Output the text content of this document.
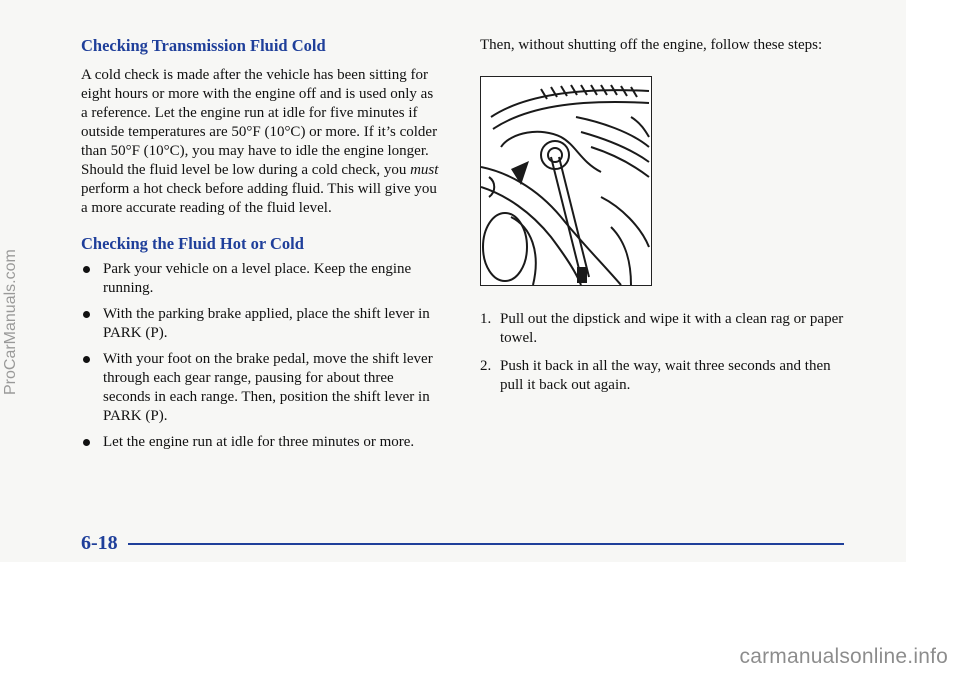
Checking Transmission Fluid Cold

A cold check is made after the vehicle has been sitting for eight hours or more with the engine off and is used only as a reference. Let the engine run at idle for five minutes if outside temperatures are 50°F (10°C) or more. If it’s colder than 50°F (10°C), you may have to idle the engine longer. Should the fluid level be low during a cold check, you must perform a hot check before adding fluid. This will give you a more accurate reading of the fluid level.

Checking the Fluid Hot or Cold
Park your vehicle on a level place. Keep the engine running.
With the parking brake applied, place the shift lever in PARK (P).
With your foot on the brake pedal, move the shift lever through each gear range, pausing for about three seconds in each range. Then, position the shift lever in PARK (P).
Let the engine run at idle for three minutes or more.

Then, without shutting off the engine, follow these steps:

1. Pull out the dipstick and wipe it with a clean rag or paper towel.
2. Push it back in all the way, wait three seconds and then pull it back out again.
6-18
ProCarManuals.com
carmanualsonline.info
